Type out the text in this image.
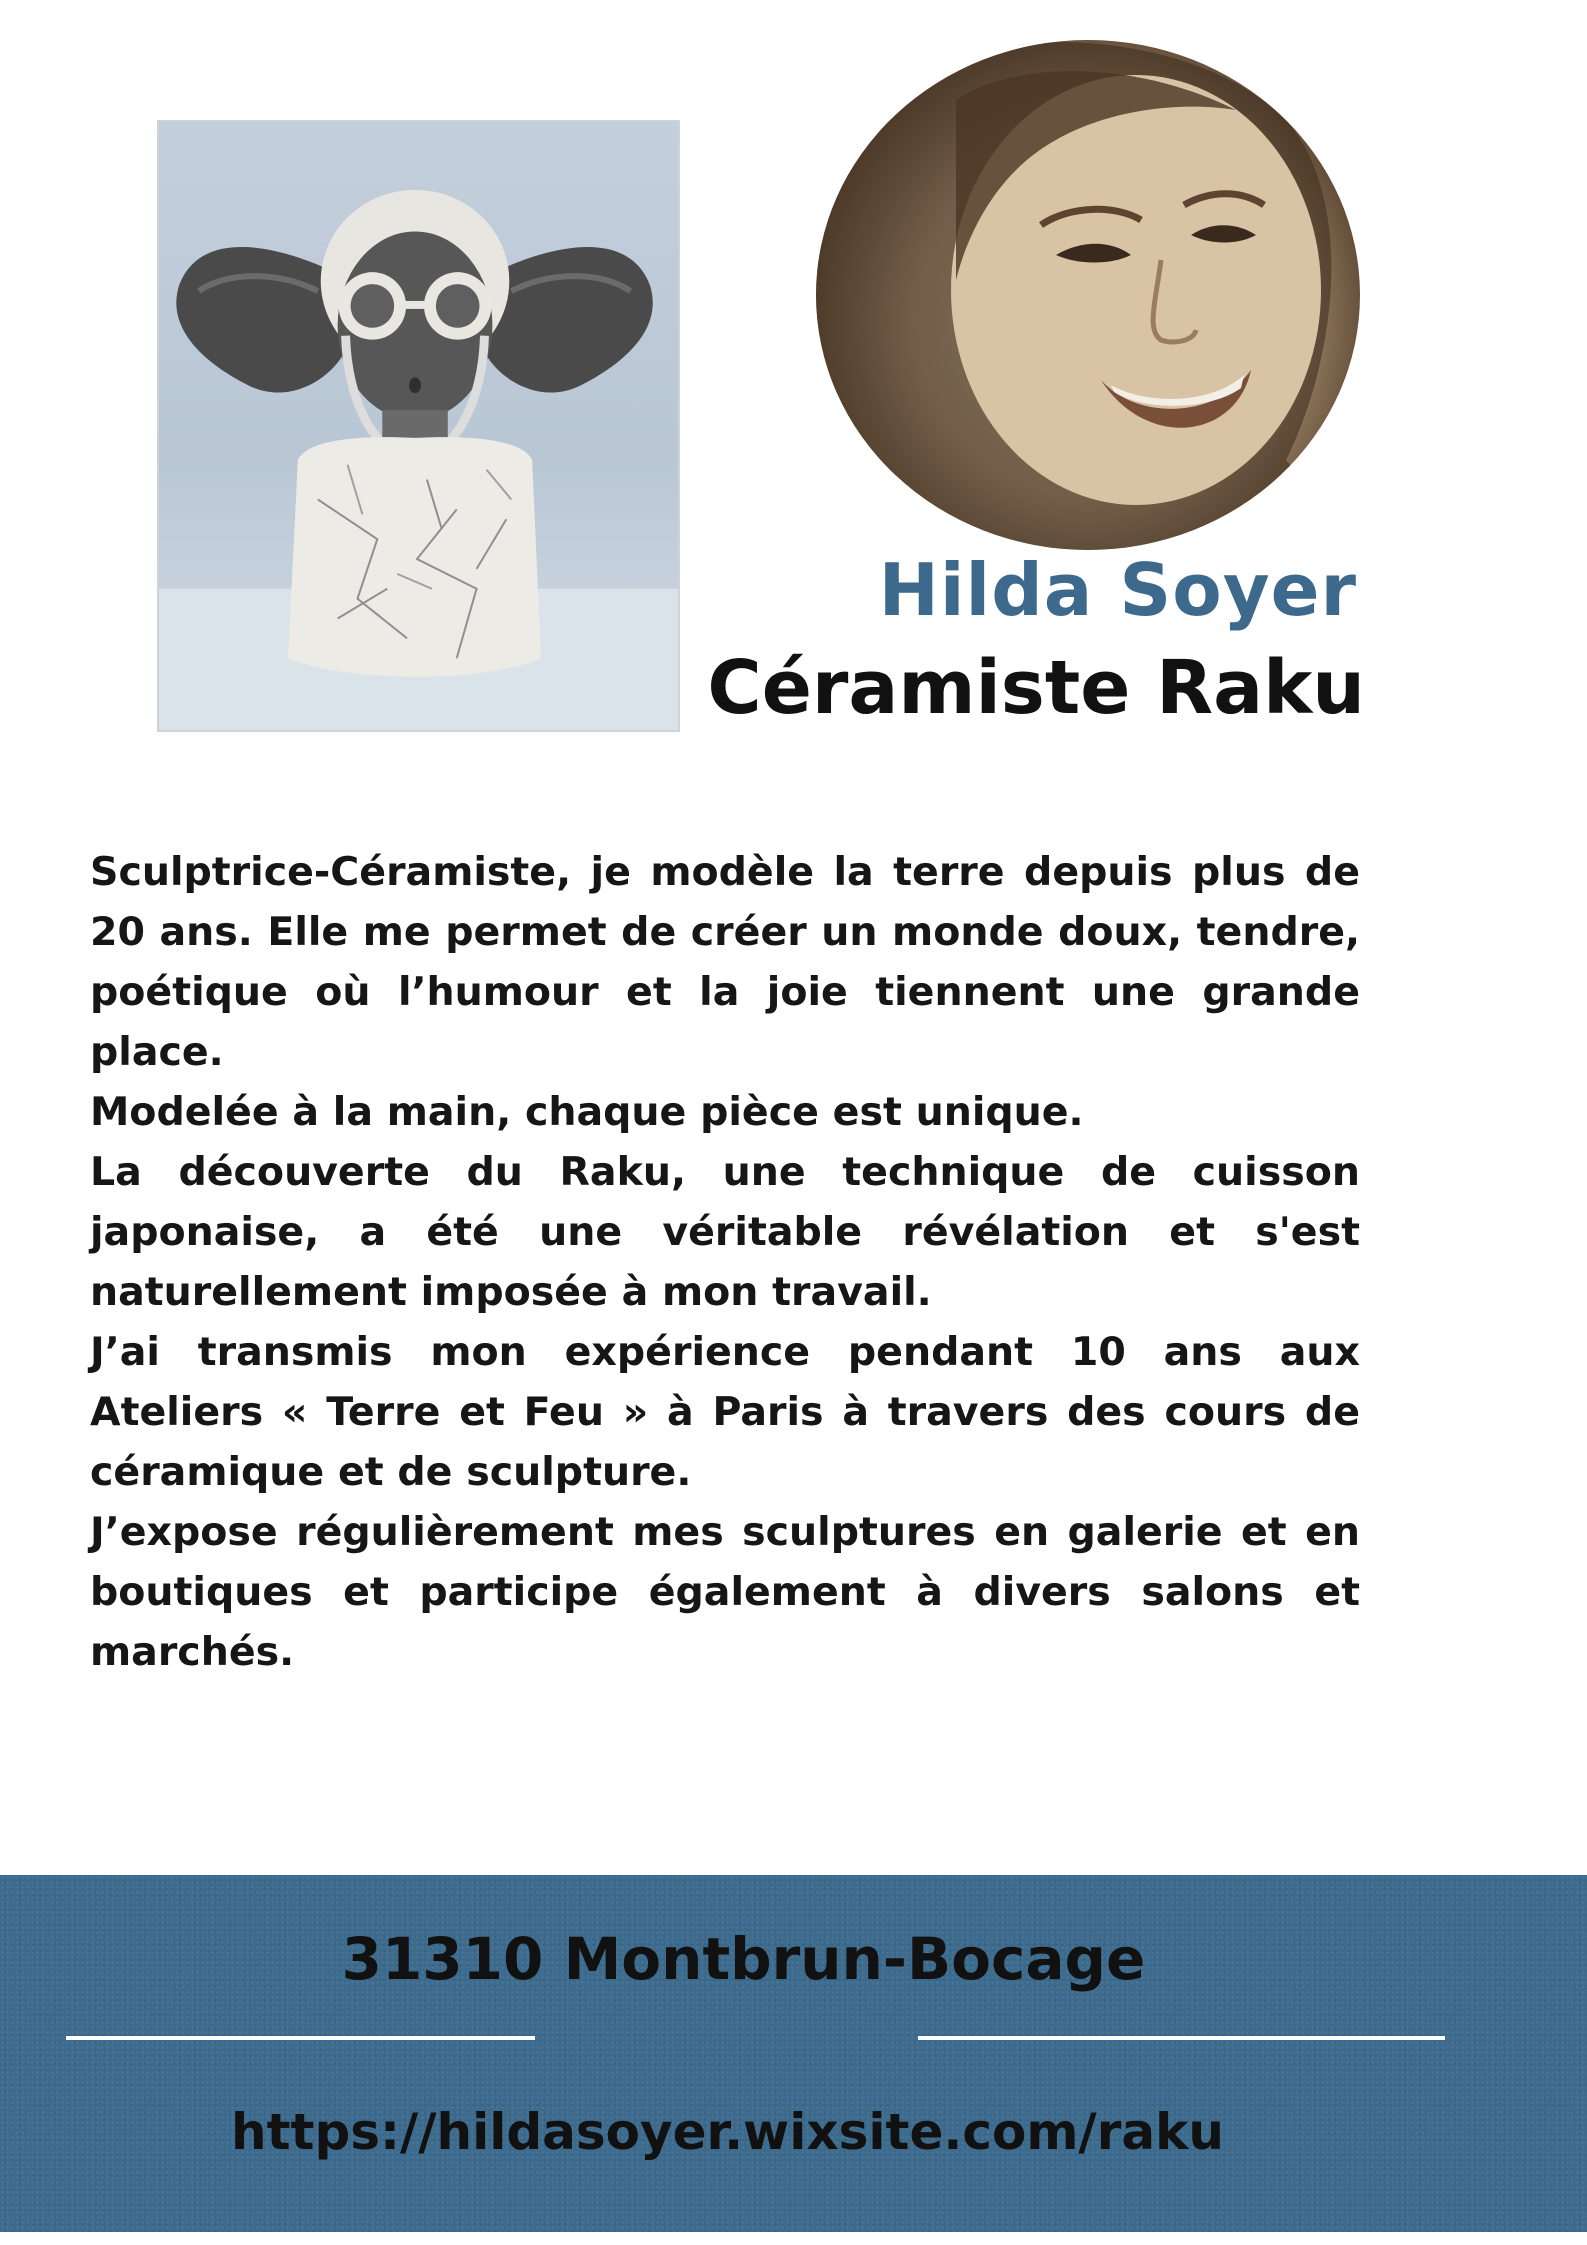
Hilda Soyer
Céramiste Raku

Sculptrice-Céramiste, je modèle la terre depuis plus de 20 ans. Elle me permet de créer un monde doux, tendre, poétique où l’humour et la joie tiennent une grande place.

Modelée à la main, chaque pièce est unique.

La découverte du Raku, une technique de cuisson japonaise, a été une véritable révélation et s'est naturellement imposée à mon travail.

J’ai transmis mon expérience pendant 10 ans aux Ateliers « Terre et Feu » à Paris à travers des cours de céramique et de sculpture.

J’expose régulièrement mes sculptures en galerie et en boutiques et participe également à divers salons et marchés.

31310 Montbrun-Bocage

https://hildasoyer.wixsite.com/raku
